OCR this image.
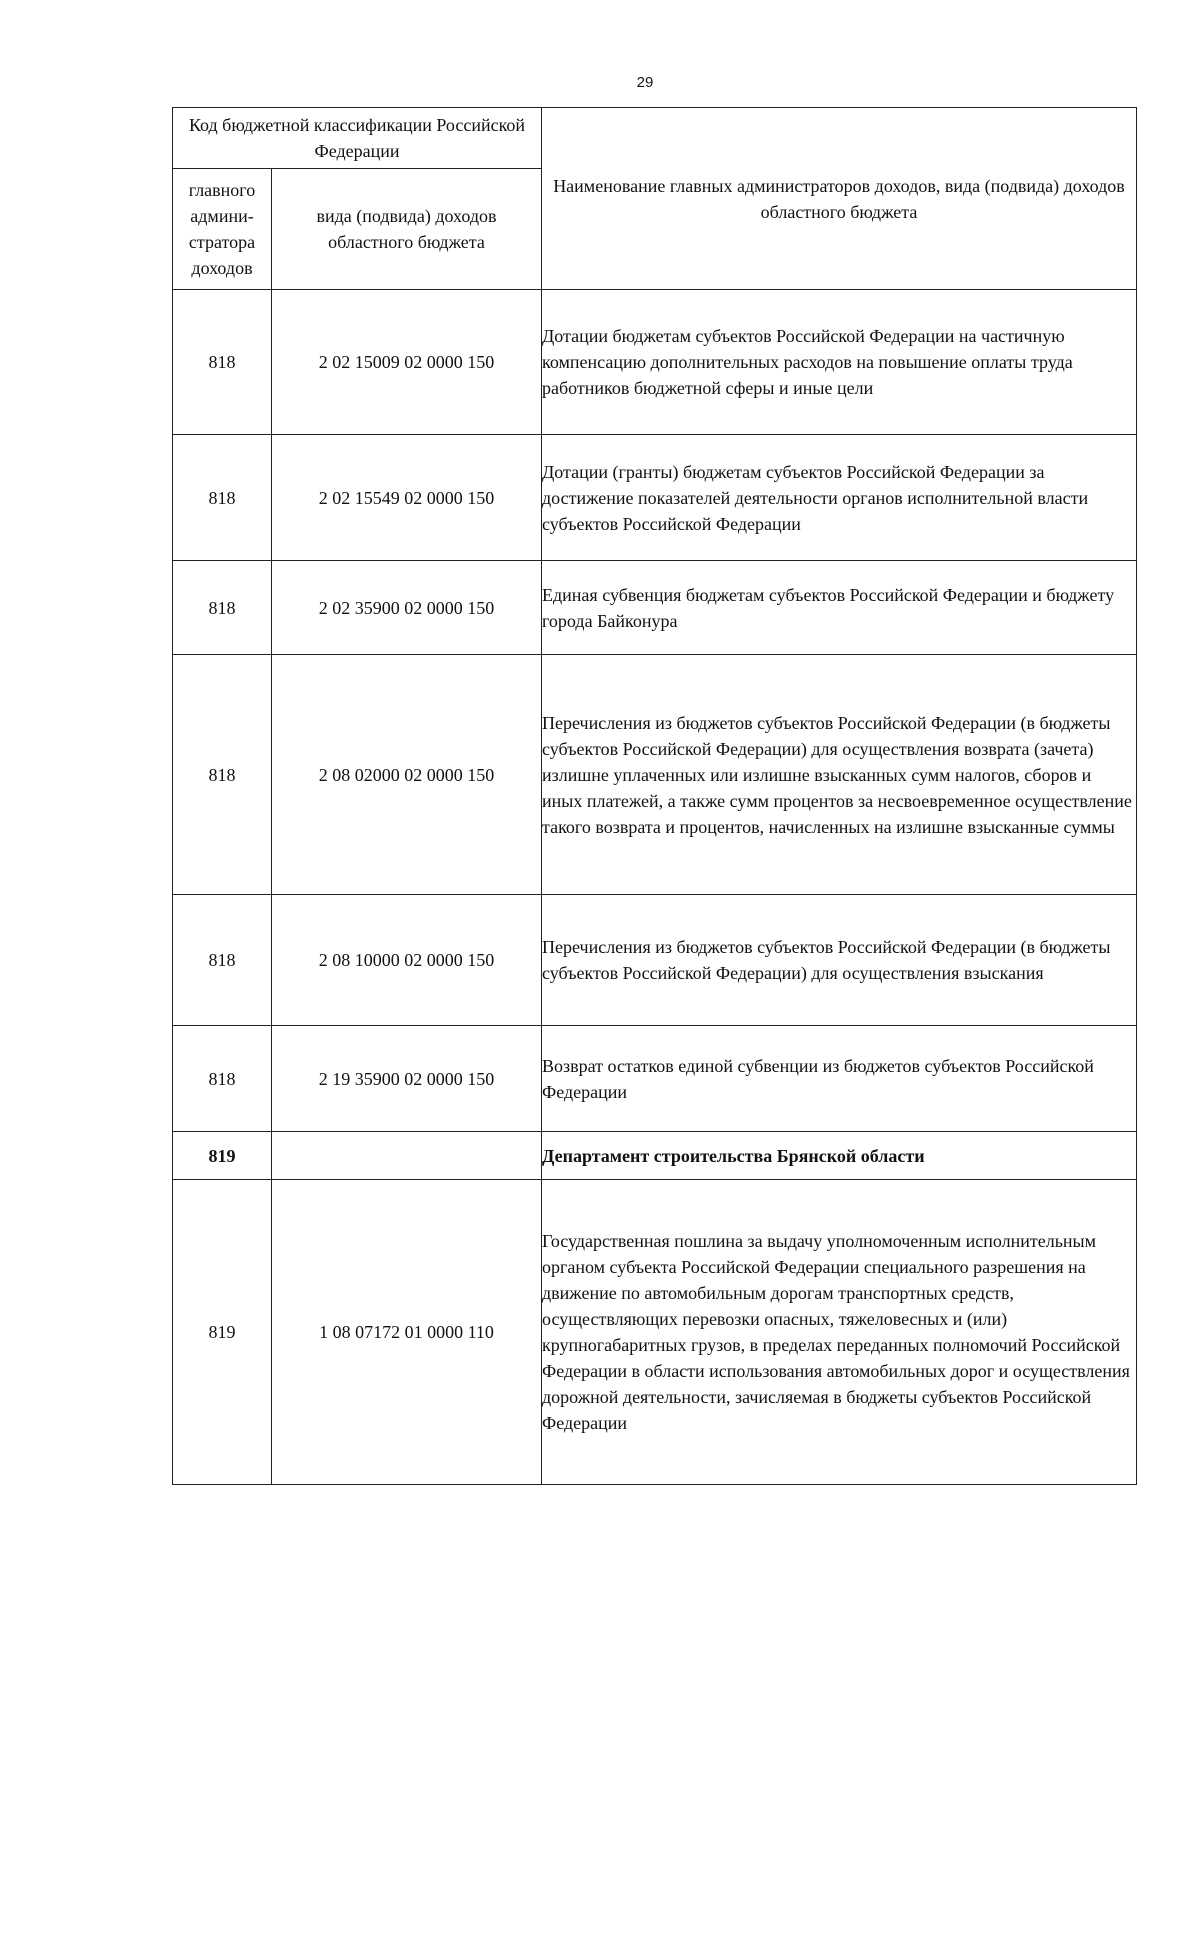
29
Код бюджетной классификации Российской Федерации		Наименование главных администраторов доходов, вида (подвида) доходов областного бюджета
главного админи- стратора доходов	вида (подвида) доходов областного бюджета	
818	2 02 15009 02 0000 150	Дотации бюджетам субъектов Российской Федерации на частичную компенсацию дополнительных расходов на повышение оплаты труда работников бюджетной сферы и иные цели
818	2 02 15549 02 0000 150	Дотации (гранты) бюджетам субъектов Российской Федерации за достижение показателей деятельности органов исполнительной власти субъектов Российской Федерации
818	2 02 35900 02 0000 150	Единая субвенция бюджетам субъектов Российской Федерации и бюджету города Байконура
818	2 08 02000 02 0000 150	Перечисления из бюджетов субъектов Российской Федерации (в бюджеты субъектов Российской Федерации) для осуществления возврата (зачета) излишне уплаченных или излишне взысканных сумм налогов, сборов и иных платежей, а также сумм процентов за несвоевременное осуществление такого возврата и процентов, начисленных на излишне взысканные суммы
818	2 08 10000 02 0000 150	Перечисления из бюджетов субъектов Российской Федерации (в бюджеты субъектов Российской Федерации) для осуществления взыскания
818	2 19 35900 02 0000 150	Возврат остатков единой субвенции из бюджетов субъектов Российской Федерации
819		Департамент строительства Брянской области
819	1 08 07172 01 0000 110	Государственная пошлина за выдачу уполномоченным исполнительным органом субъекта Российской Федерации специального разрешения на движение по автомобильным дорогам транспортных средств, осуществляющих перевозки опасных, тяжеловесных и (или) крупногабаритных грузов, в пределах переданных полномочий Российской Федерации в области использования автомобильных дорог и осуществления дорожной деятельности, зачисляемая в бюджеты субъектов Российской Федерации
